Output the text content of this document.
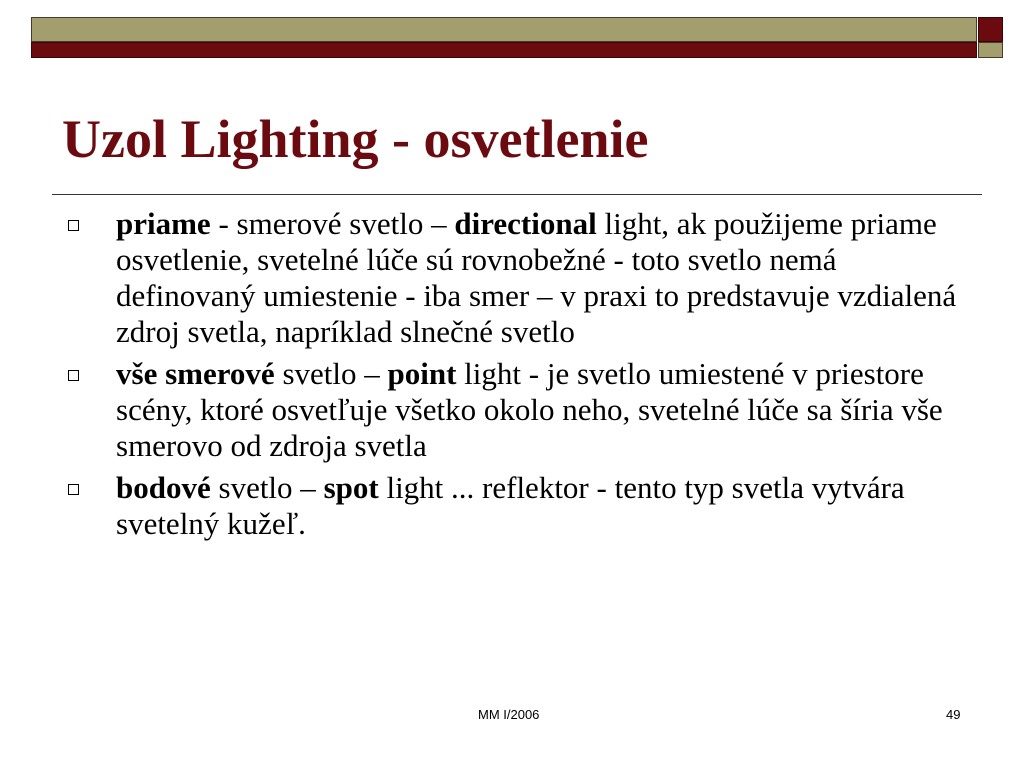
Uzol Lighting - osvetlenie
priame - smerové svetlo – directional light, ak použijeme priame osvetlenie, svetelné lúče sú rovnobežné - toto svetlo nemá definovaný umiestenie - iba smer – v praxi to predstavuje vzdialená zdroj svetla, napríklad slnečné svetlo
vše smerové svetlo – point light - je svetlo umiestené v priestore scény, ktoré osvetľuje všetko okolo neho, svetelné lúče sa šíria vše smerovo od zdroja svetla
bodové svetlo – spot light ... reflektor - tento typ svetla vytvára svetelný kužeľ.
MM I/2006	49
